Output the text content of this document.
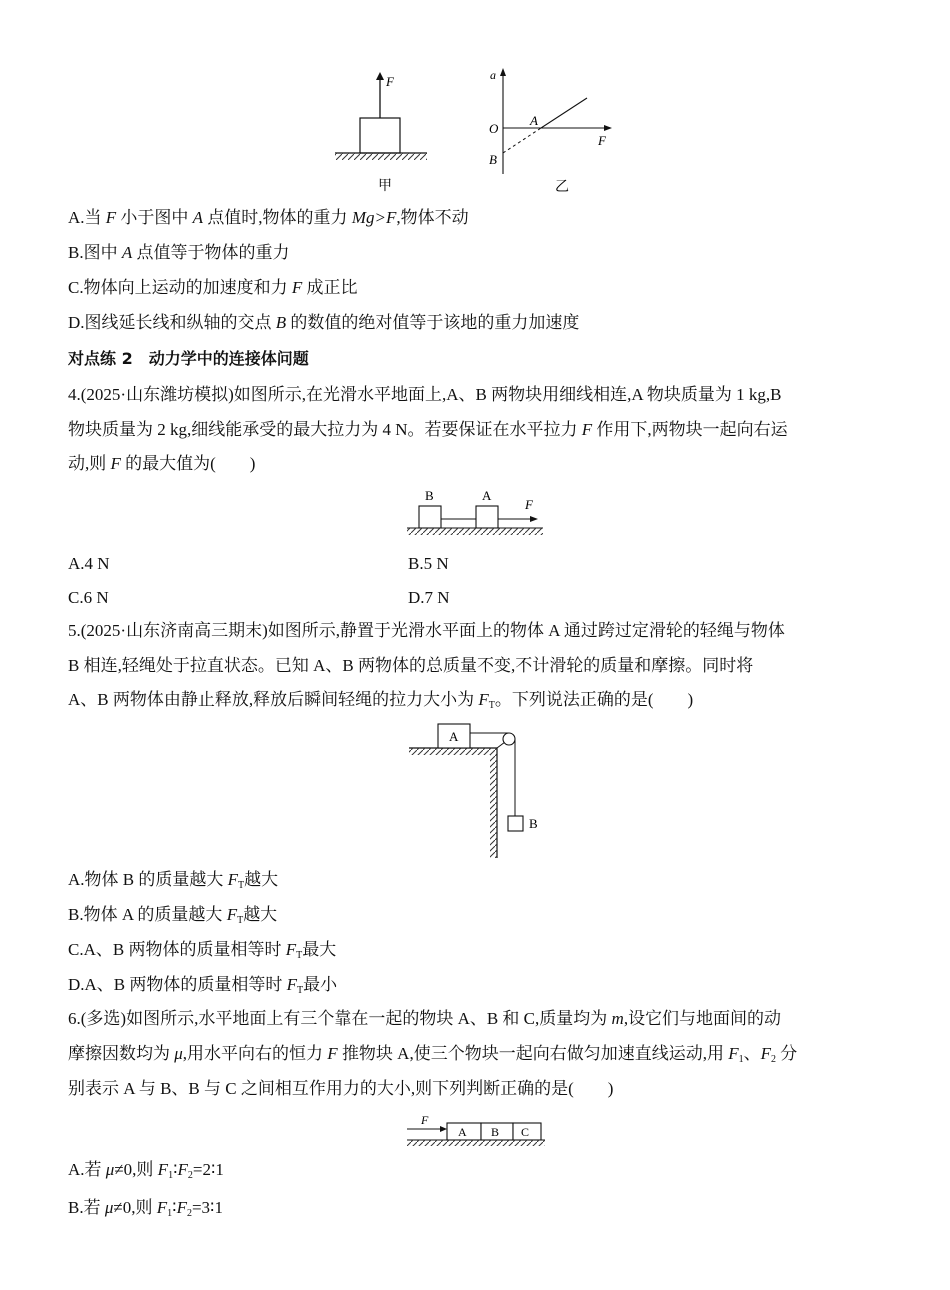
F
甲
a
F
O
A
B
乙
A.当 F 小于图中 A 点值时,物体的重力 Mg>F,物体不动
B.图中 A 点值等于物体的重力
C.物体向上运动的加速度和力 F 成正比
D.图线延长线和纵轴的交点 B 的数值的绝对值等于该地的重力加速度
对点练 2　动力学中的连接体问题
4.(2025·山东潍坊模拟)如图所示,在光滑水平地面上,A、B 两物块用细线相连,A 物块质量为 1 kg,B
物块质量为 2 kg,细线能承受的最大拉力为 4 N。若要保证在水平拉力 F 作用下,两物块一起向右运
动,则 F 的最大值为(　　)
B	A
F
A.4 N	B.5 N
C.6 N	D.7 N
5.(2025·山东济南高三期末)如图所示,静置于光滑水平面上的物体 A 通过跨过定滑轮的轻绳与物体
B 相连,轻绳处于拉直状态。已知 A、B 两物体的总质量不变,不计滑轮的质量和摩擦。同时将
A、B 两物体由静止释放,释放后瞬间轻绳的拉力大小为 $F_T$。下列说法正确的是(　　)
A
B
A.物体 B 的质量越大 $F_T$越大
B.物体 A 的质量越大 $F_T$越大
C.A、B 两物体的质量相等时 $F_T$最大
D.A、B 两物体的质量相等时 $F_T$最小
6.(多选)如图所示,水平地面上有三个靠在一起的物块 A、B 和 C,质量均为 m,设它们与地面间的动
摩擦因数均为 μ,用水平向右的恒力 F 推物块 A,使三个物块一起向右做匀加速直线运动,用 $F_1$、$F_2$ 分
别表示 A 与 B、B 与 C 之间相互作用力的大小,则下列判断正确的是(　　)
F
A B C
A.若 μ≠0,则 $F_1∶F_2=2∶1$
B.若 μ≠0,则 $F_1∶F_2=3∶1$
